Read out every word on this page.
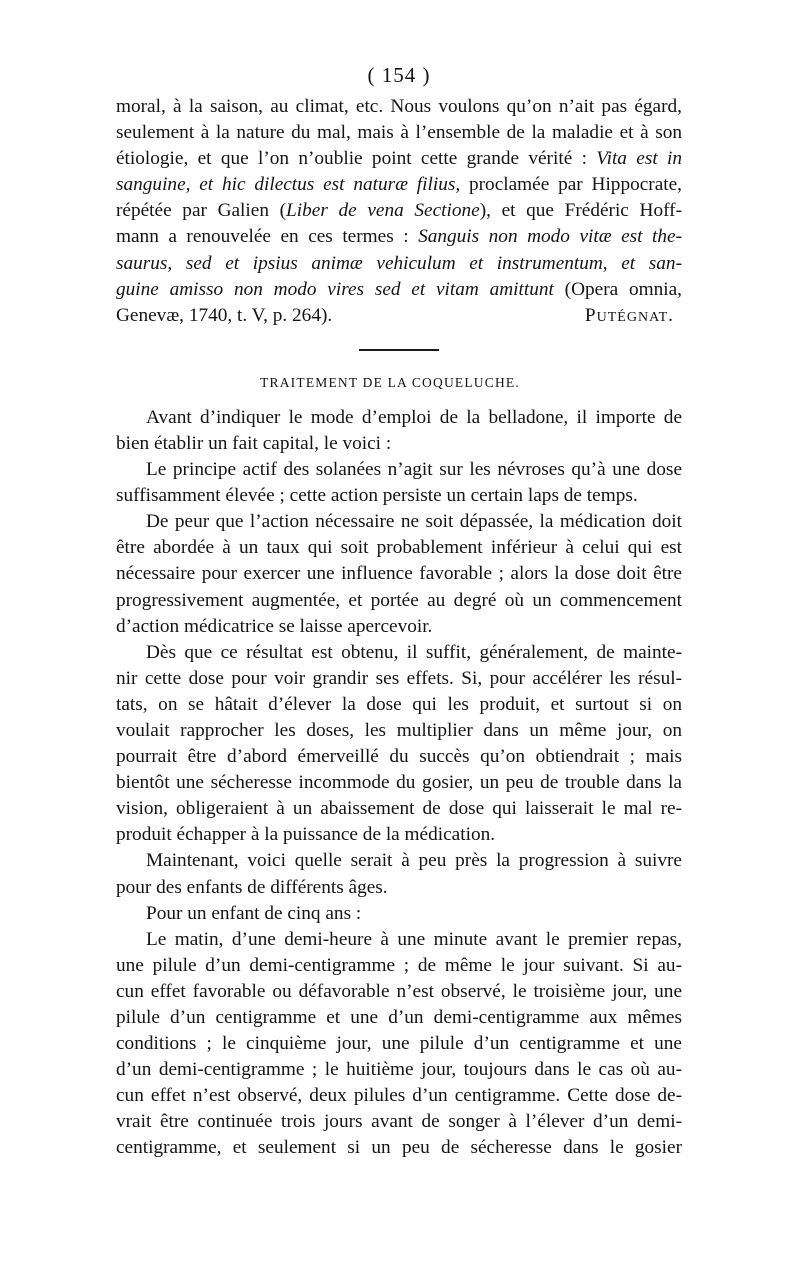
( 154 )
moral, à la saison, au climat, etc. Nous voulons qu’on n’ait pas égard,
seulement à la nature du mal, mais à l’ensemble de la maladie et à son
étiologie, et que l’on n’oublie point cette grande vérité : Vita est in
sanguine, et hic dilectus est naturæ filius, proclamée par Hippocrate,
répétée par Galien (Liber de vena Sectione), et que Frédéric Hoff-
mann a renouvelée en ces termes : Sanguis non modo vitæ est the-
saurus, sed et ipsius animæ vehiculum et instrumentum, et san-
guine amisso non modo vires sed et vitam amittunt (Opera omnia,
Genevæ, 1740, t. V, p. 264).	Putégnat.
TRAITEMENT DE LA COQUELUCHE.
Avant d’indiquer le mode d’emploi de la belladone, il importe de
bien établir un fait capital, le voici :
Le principe actif des solanées n’agit sur les névroses qu’à une dose
suffisamment élevée ; cette action persiste un certain laps de temps.
De peur que l’action nécessaire ne soit dépassée, la médication doit
être abordée à un taux qui soit probablement inférieur à celui qui est
nécessaire pour exercer une influence favorable ; alors la dose doit être
progressivement augmentée, et portée au degré où un commencement
d’action médicatrice se laisse apercevoir.
Dès que ce résultat est obtenu, il suffit, généralement, de mainte-
nir cette dose pour voir grandir ses effets. Si, pour accélérer les résul-
tats, on se hâtait d’élever la dose qui les produit, et surtout si on
voulait rapprocher les doses, les multiplier dans un même jour, on
pourrait être d’abord émerveillé du succès qu’on obtiendrait ; mais
bientôt une sécheresse incommode du gosier, un peu de trouble dans la
vision, obligeraient à un abaissement de dose qui laisserait le mal re-
produit échapper à la puissance de la médication.
Maintenant, voici quelle serait à peu près la progression à suivre
pour des enfants de différents âges.
Pour un enfant de cinq ans :
Le matin, d’une demi-heure à une minute avant le premier repas,
une pilule d’un demi-centigramme ; de même le jour suivant. Si au-
cun effet favorable ou défavorable n’est observé, le troisième jour, une
pilule d’un centigramme et une d’un demi-centigramme aux mêmes
conditions ; le cinquième jour, une pilule d’un centigramme et une
d’un demi-centigramme ; le huitième jour, toujours dans le cas où au-
cun effet n’est observé, deux pilules d’un centigramme. Cette dose de-
vrait être continuée trois jours avant de songer à l’élever d’un demi-
centigramme, et seulement si un peu de sécheresse dans le gosier
